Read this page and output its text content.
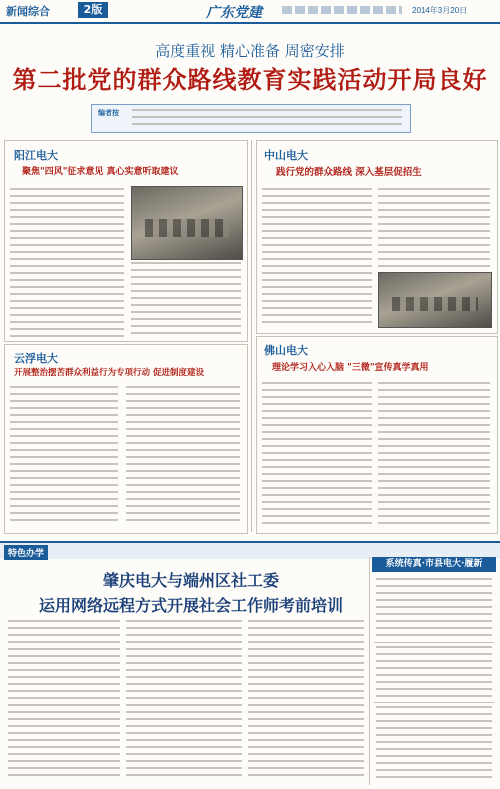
新闻综合	2版	广东党建	2014年3月20日
高度重视 精心准备 周密安排
第二批党的群众路线教育实践活动开局良好
编者按
阳江电大
聚焦"四风"征求意见 真心实意听取建议
云浮电大
开展整治摆苦群众利益行为专项行动 促进制度建设
中山电大
践行党的群众路线 深入基层促招生
佛山电大
理论学习入心入脑 "三微"宣传真学真用
特色办学
系统传真·市县电大·履新
肇庆电大与端州区社工委
运用网络远程方式开展社会工作师考前培训
